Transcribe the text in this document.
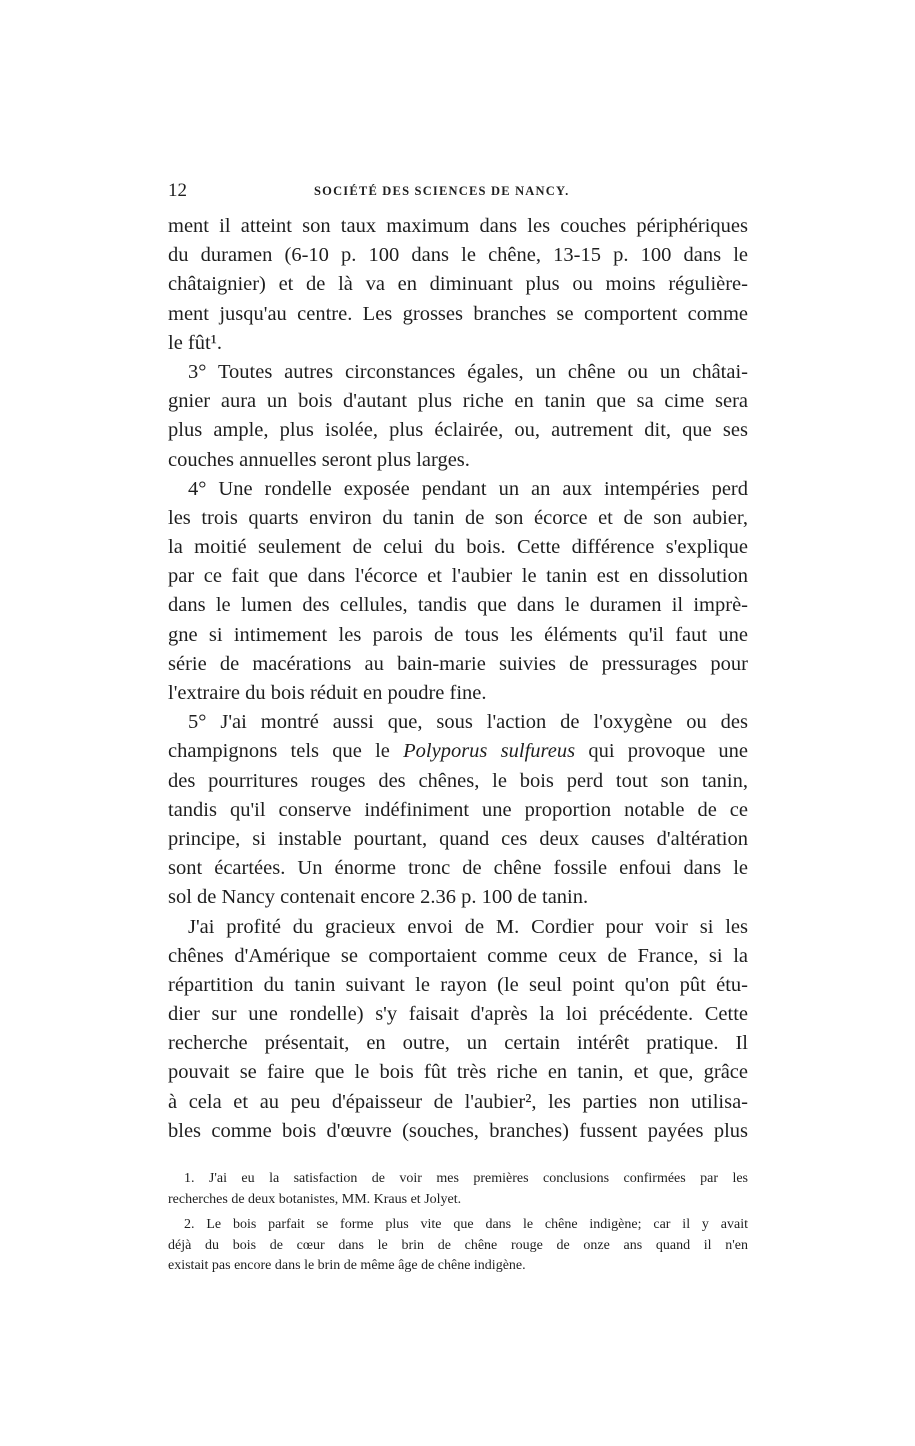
12	SOCIÉTÉ DES SCIENCES DE NANCY.
ment il atteint son taux maximum dans les couches périphériques
du duramen (6-10 p. 100 dans le chêne, 13-15 p. 100 dans le
châtaignier) et de là va en diminuant plus ou moins régulière-
ment jusqu'au centre. Les grosses branches se comportent comme
le fût¹.
3° Toutes autres circonstances égales, un chêne ou un châtai-
gnier aura un bois d'autant plus riche en tanin que sa cime sera
plus ample, plus isolée, plus éclairée, ou, autrement dit, que ses
couches annuelles seront plus larges.
4° Une rondelle exposée pendant un an aux intempéries perd
les trois quarts environ du tanin de son écorce et de son aubier,
la moitié seulement de celui du bois. Cette différence s'explique
par ce fait que dans l'écorce et l'aubier le tanin est en dissolution
dans le lumen des cellules, tandis que dans le duramen il imprè-
gne si intimement les parois de tous les éléments qu'il faut une
série de macérations au bain-marie suivies de pressurages pour
l'extraire du bois réduit en poudre fine.
5° J'ai montré aussi que, sous l'action de l'oxygène ou des
champignons tels que le Polyporus sulfureus qui provoque une
des pourritures rouges des chênes, le bois perd tout son tanin,
tandis qu'il conserve indéfiniment une proportion notable de ce
principe, si instable pourtant, quand ces deux causes d'altération
sont écartées. Un énorme tronc de chêne fossile enfoui dans le
sol de Nancy contenait encore 2.36 p. 100 de tanin.
J'ai profité du gracieux envoi de M. Cordier pour voir si les
chênes d'Amérique se comportaient comme ceux de France, si la
répartition du tanin suivant le rayon (le seul point qu'on pût étu-
dier sur une rondelle) s'y faisait d'après la loi précédente. Cette
recherche présentait, en outre, un certain intérêt pratique. Il
pouvait se faire que le bois fût très riche en tanin, et que, grâce
à cela et au peu d'épaisseur de l'aubier², les parties non utilisa-
bles comme bois d'œuvre (souches, branches) fussent payées plus
1. J'ai eu la satisfaction de voir mes premières conclusions confirmées par les
recherches de deux botanistes, MM. Kraus et Jolyet.
2. Le bois parfait se forme plus vite que dans le chêne indigène; car il y avait
déjà du bois de cœur dans le brin de chêne rouge de onze ans quand il n'en
existait pas encore dans le brin de même âge de chêne indigène.
